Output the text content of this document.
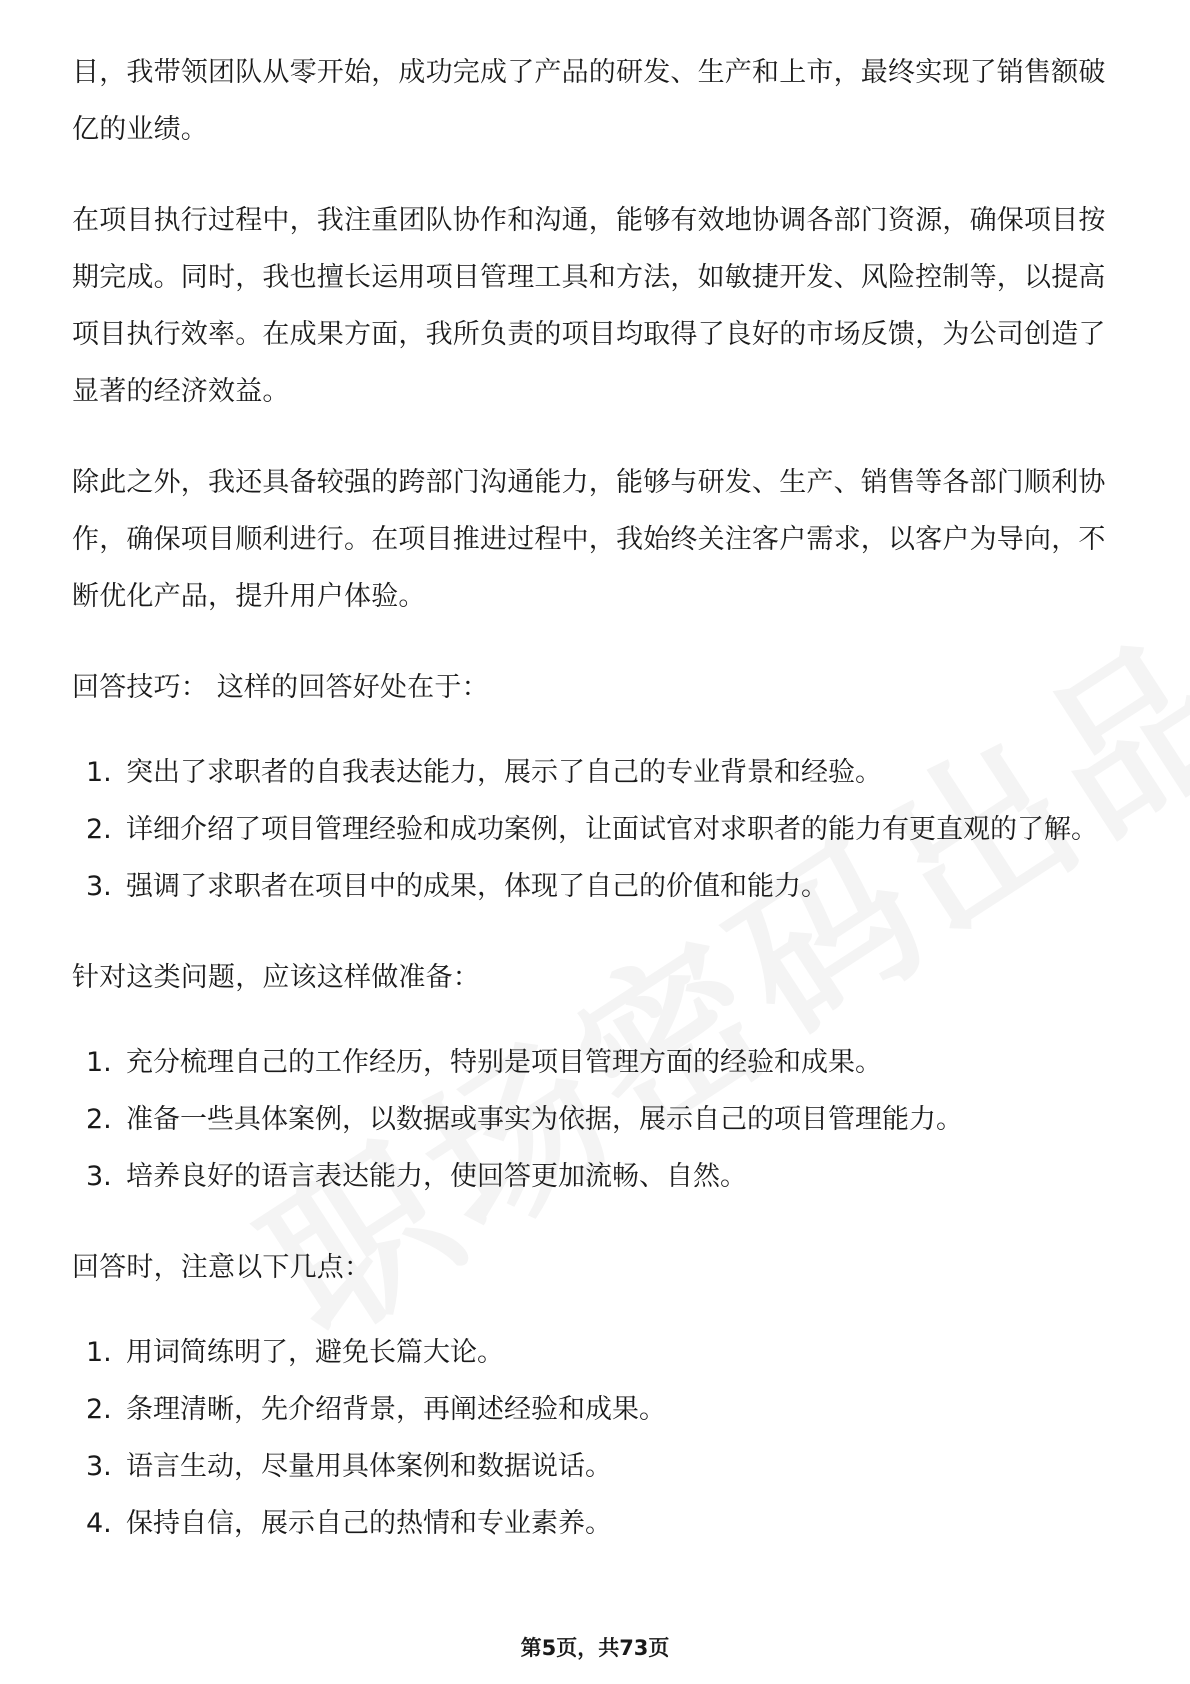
目，我带领团队从零开始，成功完成了产品的研发、生产和上市，最终实现了销售额破亿的业绩。

在项目执行过程中，我注重团队协作和沟通，能够有效地协调各部门资源，确保项目按期完成。同时，我也擅长运用项目管理工具和方法，如敏捷开发、风险控制等，以提高项目执行效率。在成果方面，我所负责的项目均取得了良好的市场反馈，为公司创造了显著的经济效益。

除此之外，我还具备较强的跨部门沟通能力，能够与研发、生产、销售等各部门顺利协作，确保项目顺利进行。在项目推进过程中，我始终关注客户需求，以客户为导向，不断优化产品，提升用户体验。

回答技巧： 这样的回答好处在于：

1. 突出了求职者的自我表达能力，展示了自己的专业背景和经验。
2. 详细介绍了项目管理经验和成功案例，让面试官对求职者的能力有更直观的了解。
3. 强调了求职者在项目中的成果，体现了自己的价值和能力。

针对这类问题，应该这样做准备：

1. 充分梳理自己的工作经历，特别是项目管理方面的经验和成果。
2. 准备一些具体案例，以数据或事实为依据，展示自己的项目管理能力。
3. 培养良好的语言表达能力，使回答更加流畅、自然。

回答时，注意以下几点：

1. 用词简练明了，避免长篇大论。
2. 条理清晰，先介绍背景，再阐述经验和成果。
3. 语言生动，尽量用具体案例和数据说话。
4. 保持自信，展示自己的热情和专业素养。
第5页，共73页
